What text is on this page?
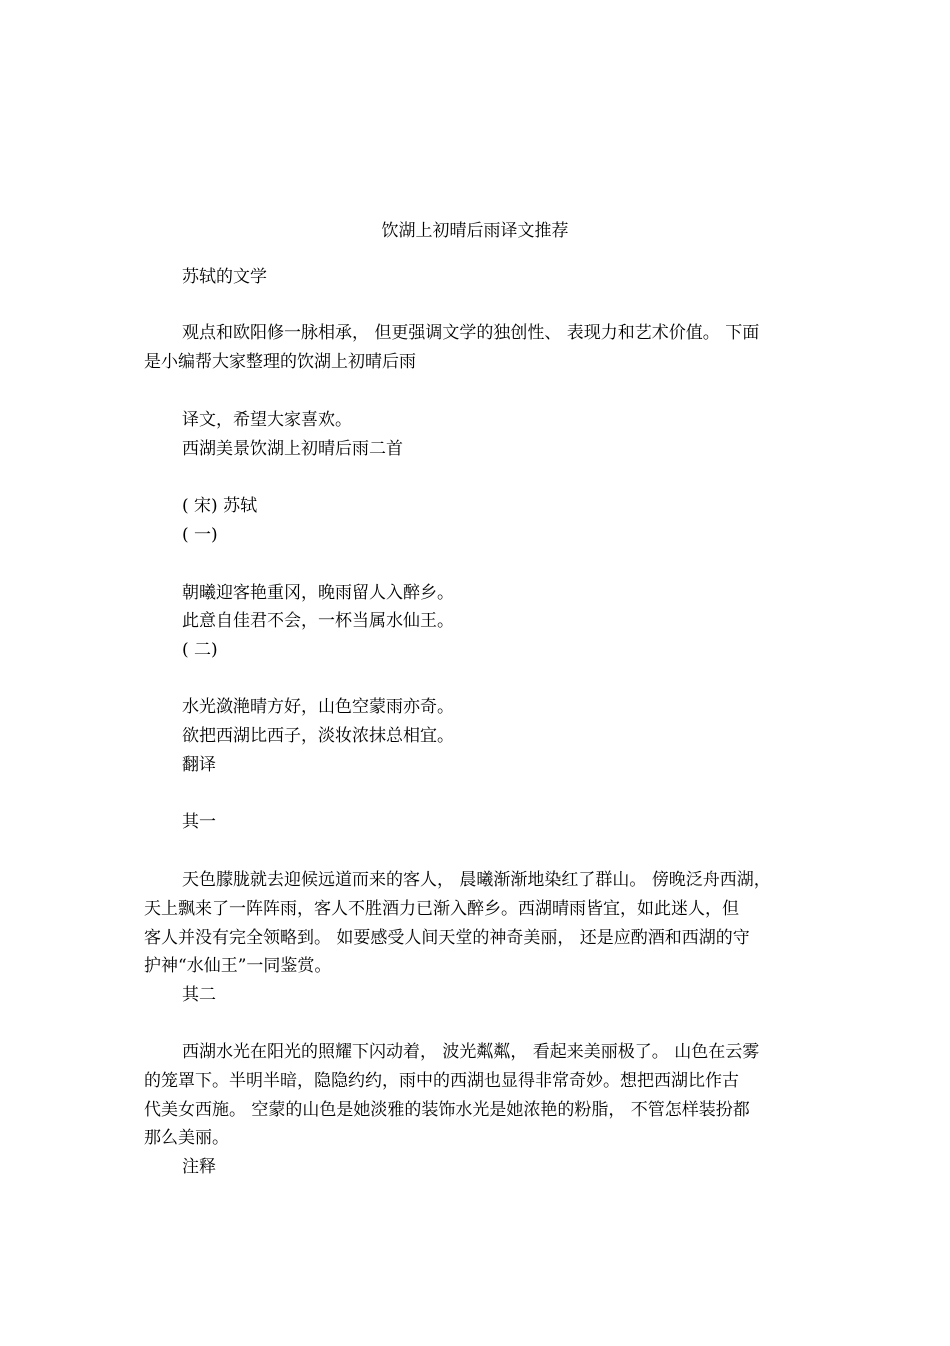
饮湖上初晴后雨译文推荐
苏轼的文学
观点和欧阳修一脉相承， 但更强调文学的独创性、 表现力和艺术价值。 下面
是小编帮大家整理的饮湖上初晴后雨
译文，希望大家喜欢。
西湖美景饮湖上初晴后雨二首
( 宋) 苏轼
( 一)
朝曦迎客艳重冈，晚雨留人入醉乡。
此意自佳君不会，一杯当属水仙王。
( 二)
水光潋滟晴方好，山色空蒙雨亦奇。
欲把西湖比西子，淡妆浓抹总相宜。
翻译
其一
天色朦胧就去迎候远道而来的客人， 晨曦渐渐地染红了群山。 傍晚泛舟西湖，
天上飘来了一阵阵雨，客人不胜酒力已渐入醉乡。西湖晴雨皆宜，如此迷人，但
客人并没有完全领略到。 如要感受人间天堂的神奇美丽， 还是应酌酒和西湖的守
护神“水仙王”一同鉴赏。
其二
西湖水光在阳光的照耀下闪动着， 波光粼粼， 看起来美丽极了。 山色在云雾
的笼罩下。半明半暗，隐隐约约，雨中的西湖也显得非常奇妙。想把西湖比作古
代美女西施。 空蒙的山色是她淡雅的装饰水光是她浓艳的粉脂， 不管怎样装扮都
那么美丽。
注释
